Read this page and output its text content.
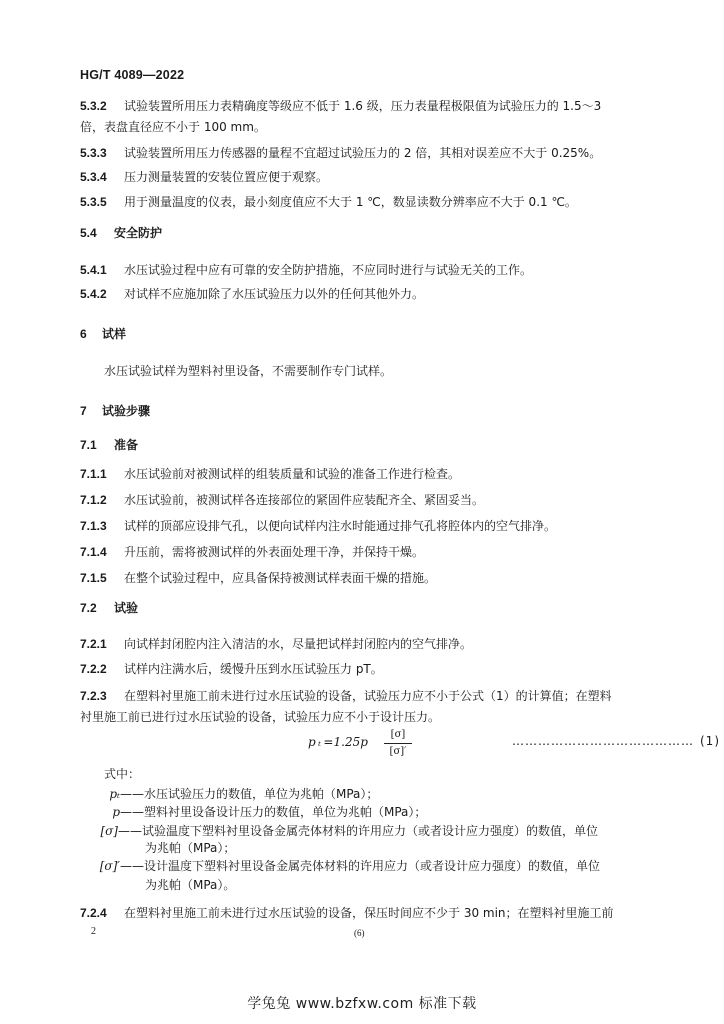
HG/T 4089—2022
5.3.2 试验装置所用压力表精确度等级应不低于 1.6 级，压力表量程极限值为试验压力的 1.5～3
倍，表盘直径应不小于 100 mm。
5.3.3 试验装置所用压力传感器的量程不宜超过试验压力的 2 倍，其相对误差应不大于 0.25%。
5.3.4 压力测量装置的安装位置应便于观察。
5.3.5 用于测量温度的仪表，最小刻度值应不大于 1 ℃，数显读数分辨率应不大于 0.1 ℃。
5.4 安全防护
5.4.1 水压试验过程中应有可靠的安全防护措施，不应同时进行与试验无关的工作。
5.4.2 对试样不应施加除了水压试验压力以外的任何其他外力。
6 试样
水压试验试样为塑料衬里设备，不需要制作专门试样。
7 试验步骤
7.1 准备
7.1.1 水压试验前对被测试样的组装质量和试验的准备工作进行检查。
7.1.2 水压试验前，被测试样各连接部位的紧固件应装配齐全、紧固妥当。
7.1.3 试样的顶部应设排气孔，以便向试样内注水时能通过排气孔将腔体内的空气排净。
7.1.4 升压前，需将被测试样的外表面处理干净，并保持干燥。
7.1.5 在整个试验过程中，应具备保持被测试样表面干燥的措施。
7.2 试验
7.2.1 向试样封闭腔内注入清洁的水，尽量把试样封闭腔内的空气排净。
7.2.2 试样内注满水后，缓慢升压到水压试验压力 pT。
7.2.3 在塑料衬里施工前未进行过水压试验的设备，试验压力应不小于公式（1）的计算值；在塑料
衬里施工前已进行过水压试验的设备，试验压力应不小于设计压力。
p ₜ =1.25p
[σ]
[σ]′
…………………………………… (1)
式中：
pₜ——水压试验压力的数值，单位为兆帕（MPa）；
p——塑料衬里设备设计压力的数值，单位为兆帕（MPa）；
[σ]——试验温度下塑料衬里设备金属壳体材料的许用应力（或者设计应力强度）的数值，单位
为兆帕（MPa）；
[σ]′——设计温度下塑料衬里设备金属壳体材料的许用应力（或者设计应力强度）的数值，单位
为兆帕（MPa）。
7.2.4 在塑料衬里施工前未进行过水压试验的设备，保压时间应不少于 30 min；在塑料衬里施工前
2	(6)
学兔兔 www.bzfxw.com 标准下载
